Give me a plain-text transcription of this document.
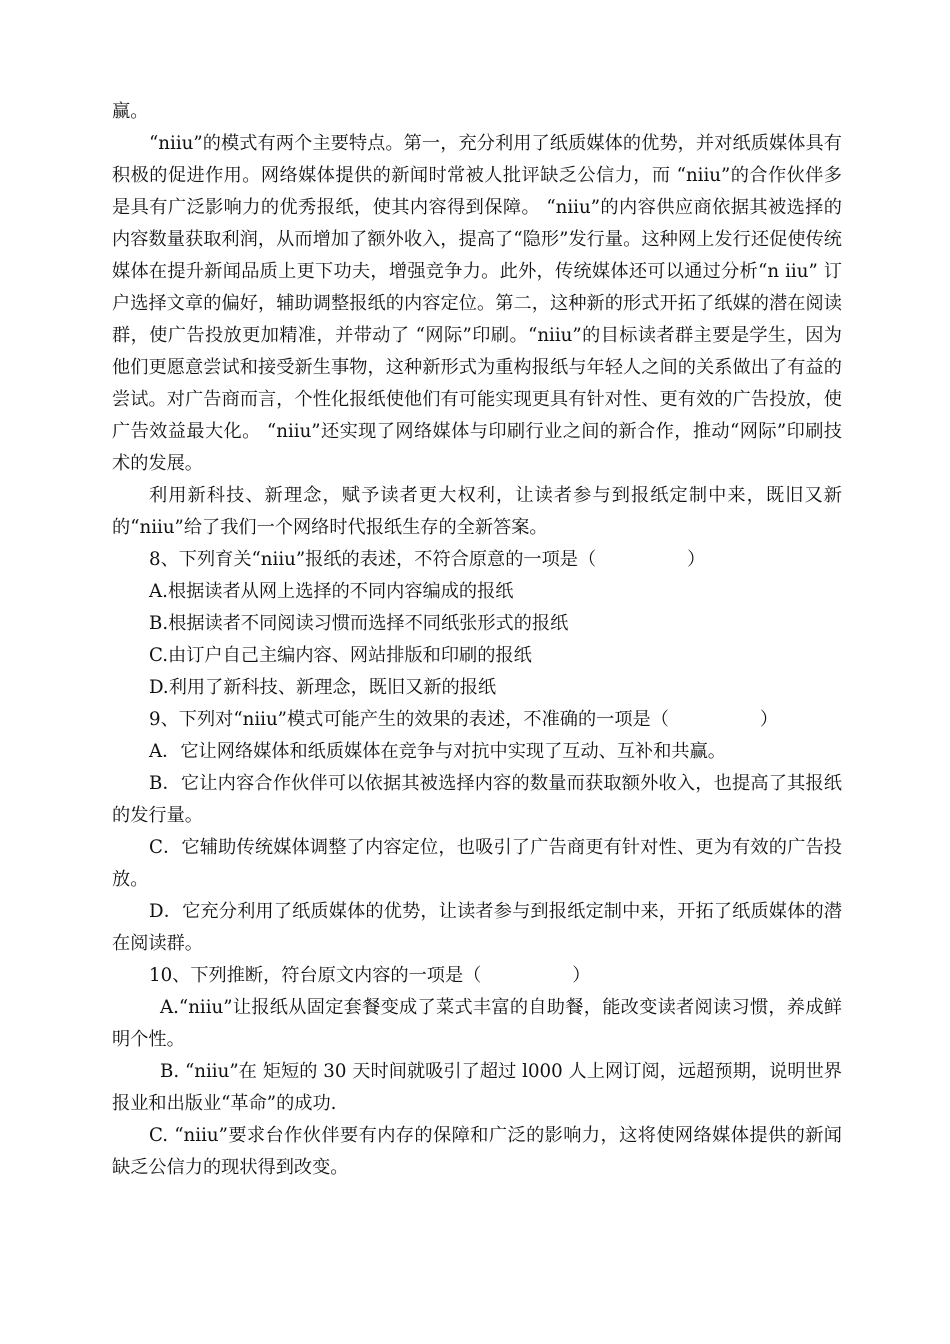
赢。

“niiu”的模式有两个主要特点。第一，充分利用了纸质媒体的优势，并对纸质媒体具有积极的促进作用。网络媒体提供的新闻时常被人批评缺乏公信力，而 “niiu”的合作伙伴多是具有广泛影响力的优秀报纸，使其内容得到保障。 “niiu”的内容供应商依据其被选择的内容数量获取利润，从而增加了额外收入，提高了“隐形”发行量。这种网上发行还促使传统媒体在提升新闻品质上更下功夫，增强竞争力。此外，传统媒体还可以通过分析“n iiu” 订户选择文章的偏好，辅助调整报纸的内容定位。第二，这种新的形式开拓了纸媒的潜在阅读群，使广告投放更加精准，并带动了 “网际”印刷。“niiu”的目标读者群主要是学生，因为他们更愿意尝试和接受新生事物，这种新形式为重构报纸与年轻人之间的关系做出了有益的尝试。对广告商而言，个性化报纸使他们有可能实现更具有针对性、更有效的广告投放，使广告效益最大化。 “niiu”还实现了网络媒体与印刷行业之间的新合作，推动“网际”印刷技术的发展。

利用新科技、新理念，赋予读者更大权利，让读者参与到报纸定制中来，既旧又新的“niiu”给了我们一个网络时代报纸生存的全新答案。

8、下列育关“niiu”报纸的表述，不符合原意的一项是（　　　　　）

A.根据读者从网上选择的不同内容编成的报纸

B.根据读者不同阅读习惯而选择不同纸张形式的报纸

C.由订户自己主编内容、网站排版和印刷的报纸

D.利用了新科技、新理念，既旧又新的报纸

9、下列对“niiu”模式可能产生的效果的表述，不准确的一项是（　　　　　）

A．它让网络媒体和纸质媒体在竞争与对抗中实现了互动、互补和共赢。

B．它让内容合作伙伴可以依据其被选择内容的数量而获取额外收入，也提高了其报纸的发行量。

C．它辅助传统媒体调整了内容定位，也吸引了广告商更有针对性、更为有效的广告投放。

D．它充分利用了纸质媒体的优势，让读者参与到报纸定制中来，开拓了纸质媒体的潜在阅读群。

10、下列推断，符台原文内容的一项是（　　　　　）

A.“niiu”让报纸从固定套餐变成了菜式丰富的自助餐，能改变读者阅读习惯，养成鲜明个性。

B. “niiu”在 矩短的 30 天时间就吸引了超过 l000 人上网订阅，远超预期，说明世界报业和出版业“革命”的成功.

C. “niiu”要求台作伙伴要有内存的保障和广泛的影响力，这将使网络媒体提供的新闻缺乏公信力的现状得到改变。
